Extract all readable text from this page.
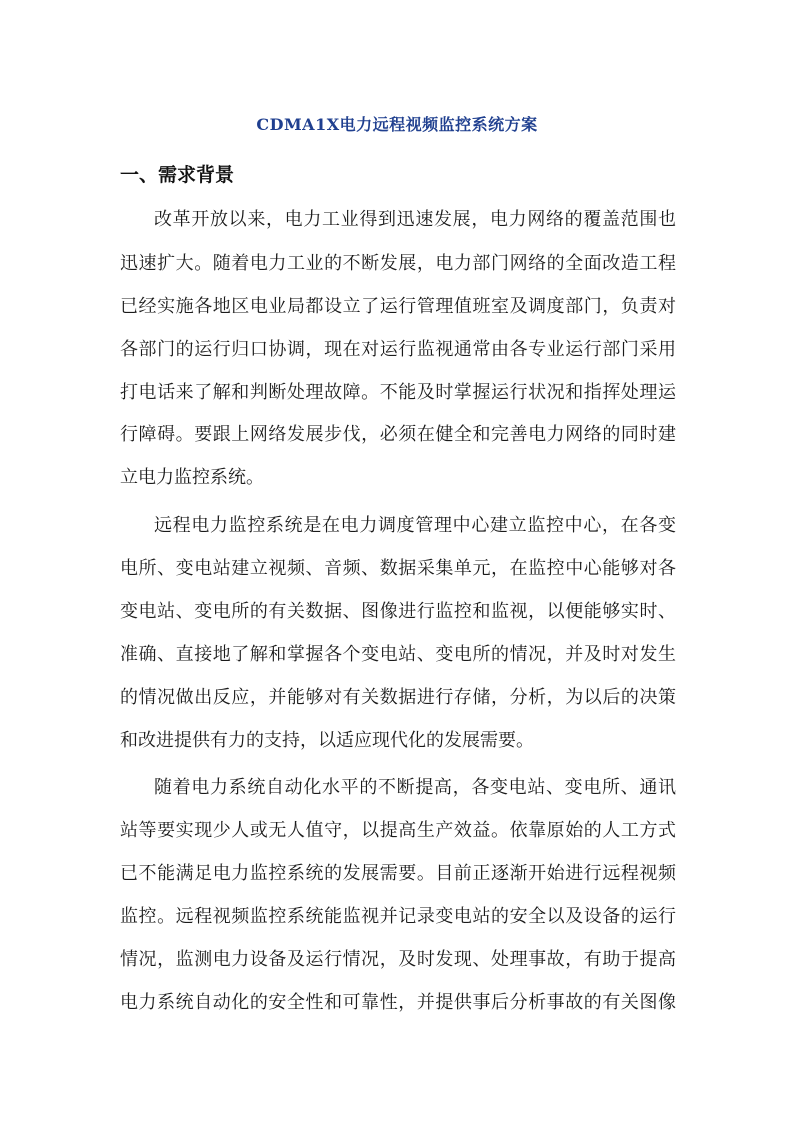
CDMA1X电力远程视频监控系统方案
一、需求背景
改革开放以来，电力工业得到迅速发展，电力网络的覆盖范围也
迅速扩大。随着电力工业的不断发展，电力部门网络的全面改造工程
已经实施各地区电业局都设立了运行管理值班室及调度部门，负责对
各部门的运行归口协调，现在对运行监视通常由各专业运行部门采用
打电话来了解和判断处理故障。不能及时掌握运行状况和指挥处理运
行障碍。要跟上网络发展步伐，必须在健全和完善电力网络的同时建
立电力监控系统。
远程电力监控系统是在电力调度管理中心建立监控中心，在各变
电所、变电站建立视频、音频、数据采集单元，在监控中心能够对各
变电站、变电所的有关数据、图像进行监控和监视，以便能够实时、
准确、直接地了解和掌握各个变电站、变电所的情况，并及时对发生
的情况做出反应，并能够对有关数据进行存储，分析，为以后的决策
和改进提供有力的支持，以适应现代化的发展需要。
随着电力系统自动化水平的不断提高，各变电站、变电所、通讯
站等要实现少人或无人值守，以提高生产效益。依靠原始的人工方式
已不能满足电力监控系统的发展需要。目前正逐渐开始进行远程视频
监控。远程视频监控系统能监视并记录变电站的安全以及设备的运行
情况，监测电力设备及运行情况，及时发现、处理事故，有助于提高
电力系统自动化的安全性和可靠性，并提供事后分析事故的有关图像
